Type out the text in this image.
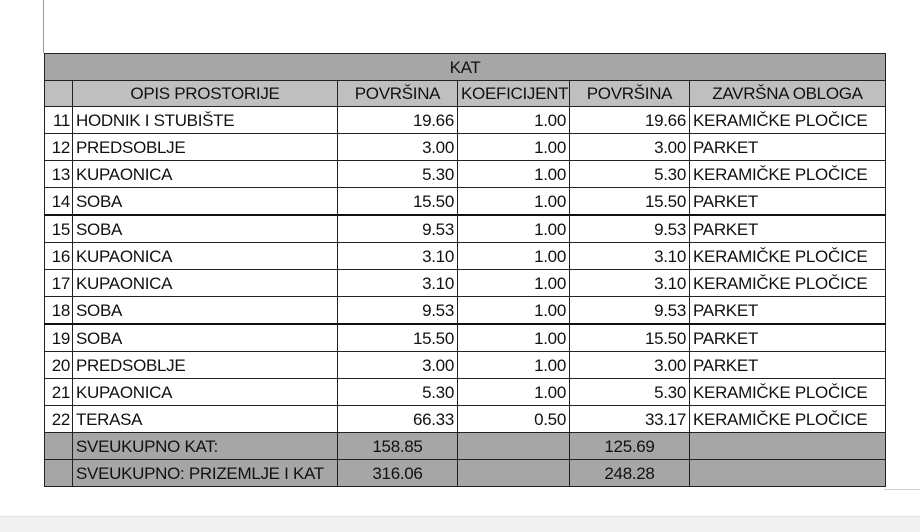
KAT					
	OPIS PROSTORIJE	POVRŠINA	KOEFICIJENT	POVRŠINA	ZAVRŠNA OBLOGA
11	HODNIK I STUBIŠTE	19.66	1.00	19.66	KERAMIČKE PLOČICE
12	PREDSOBLJE	3.00	1.00	3.00	PARKET
13	KUPAONICA	5.30	1.00	5.30	KERAMIČKE PLOČICE
14	SOBA	15.50	1.00	15.50	PARKET
15	SOBA	9.53	1.00	9.53	PARKET
16	KUPAONICA	3.10	1.00	3.10	KERAMIČKE PLOČICE
17	KUPAONICA	3.10	1.00	3.10	KERAMIČKE PLOČICE
18	SOBA	9.53	1.00	9.53	PARKET
19	SOBA	15.50	1.00	15.50	PARKET
20	PREDSOBLJE	3.00	1.00	3.00	PARKET
21	KUPAONICA	5.30	1.00	5.30	KERAMIČKE PLOČICE
22	TERASA	66.33	0.50	33.17	KERAMIČKE PLOČICE
	SVEUKUPNO KAT:	158.85		125.69	
	SVEUKUPNO: PRIZEMLJE I KAT	316.06		248.28	
